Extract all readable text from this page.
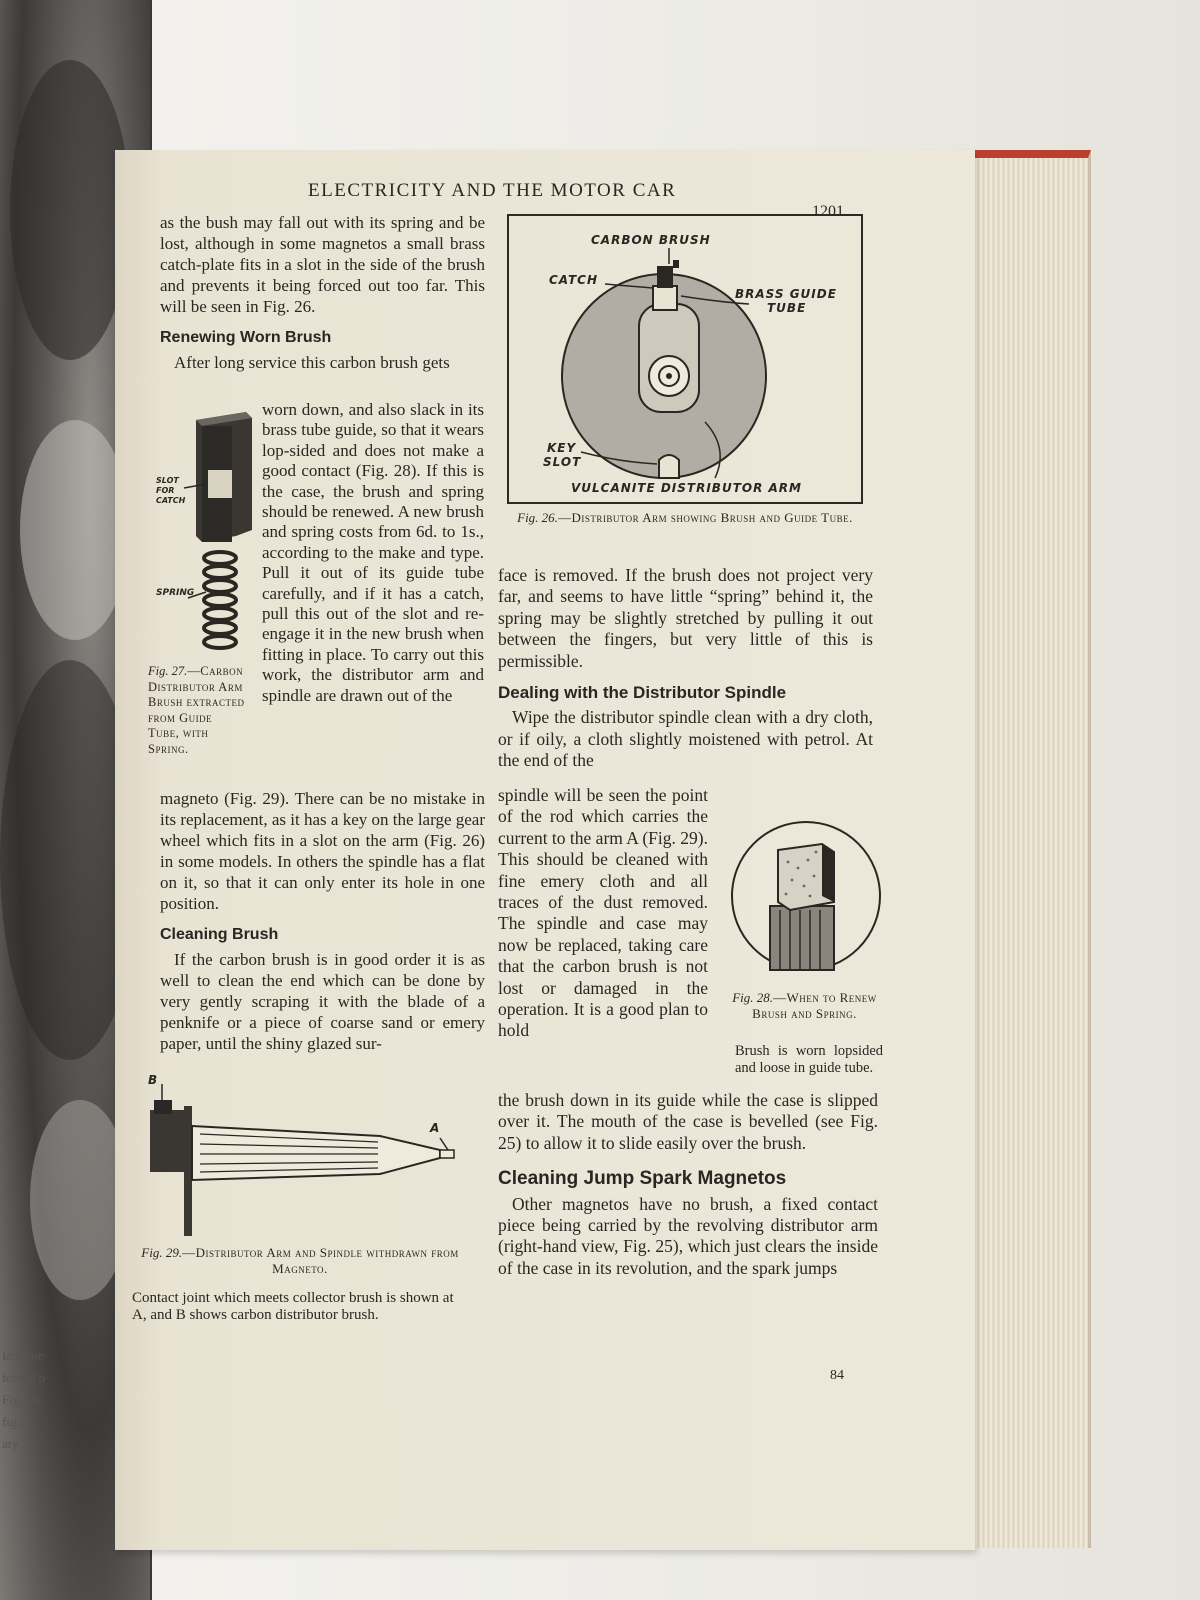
In some
forced o
Fig. 26.
fig.
ary
ELECTRICITY AND THE MOTOR CAR
1201

as the bush may fall out with its spring and be lost, although in some magnetos a small brass catch-plate fits in a slot in the side of the brush and prevents it being forced out too far. This will be seen in Fig. 26.

Renewing Worn Brush

After long service this carbon brush gets

SLOT FOR CATCH
SPRING
worn down, and also slack in its brass tube guide, so that it wears lop-sided and does not make a good contact (Fig. 28). If this is the case, the brush and spring should be renewed. A new brush and spring costs from 6d. to 1s., according to the make and type. Pull it out of its guide tube carefully, and if it has a catch, pull this out of the slot and re-engage it in the new brush when fitting in place. To carry out this work, the distributor arm and spindle are drawn out of the
Fig. 27.—Carbon Distributor Arm Brush extracted from Guide Tube, with Spring.

magneto (Fig. 29). There can be no mistake in its replacement, as it has a key on the large gear wheel which fits in a slot on the arm (Fig. 26) in some models. In others the spindle has a flat on it, so that it can only enter its hole in one position.

Cleaning Brush

If the carbon brush is in good order it is as well to clean the end which can be done by very gently scraping it with the blade of a penknife or a piece of coarse sand or emery paper, until the shiny glazed sur-

B
A
Fig. 29.—Distributor Arm and Spindle withdrawn from Magneto.
Contact joint which meets collector brush is shown at A, and B shows carbon distributor brush.
CARBON BRUSH
CATCH
BRASS GUIDE
TUBE
KEY
SLOT
VULCANITE DISTRIBUTOR ARM
Fig. 26.—Distributor Arm showing Brush and Guide Tube.

face is removed. If the brush does not project very far, and seems to have little “spring” behind it, the spring may be slightly stretched by pulling it out between the fingers, but very little of this is permissible.

Dealing with the Distributor Spindle

Wipe the distributor spindle clean with a dry cloth, or if oily, a cloth slightly moistened with petrol. At the end of the

spindle will be seen the point of the rod which carries the current to the arm A (Fig. 29). This should be cleaned with fine emery cloth and all traces of the dust removed. The spindle and case may now be replaced, taking care that the carbon brush is not lost or damaged in the operation. It is a good plan to hold
Fig. 28.—When to Renew Brush and Spring.
Brush is worn lopsided and loose in guide tube.

the brush down in its guide while the case is slipped over it. The mouth of the case is bevelled (see Fig. 25) to allow it to slide easily over the brush.

Cleaning Jump Spark Magnetos

Other magnetos have no brush, a fixed contact piece being carried by the revolving distributor arm (right-hand view, Fig. 25), which just clears the inside of the case in its revolution, and the spark jumps

84
